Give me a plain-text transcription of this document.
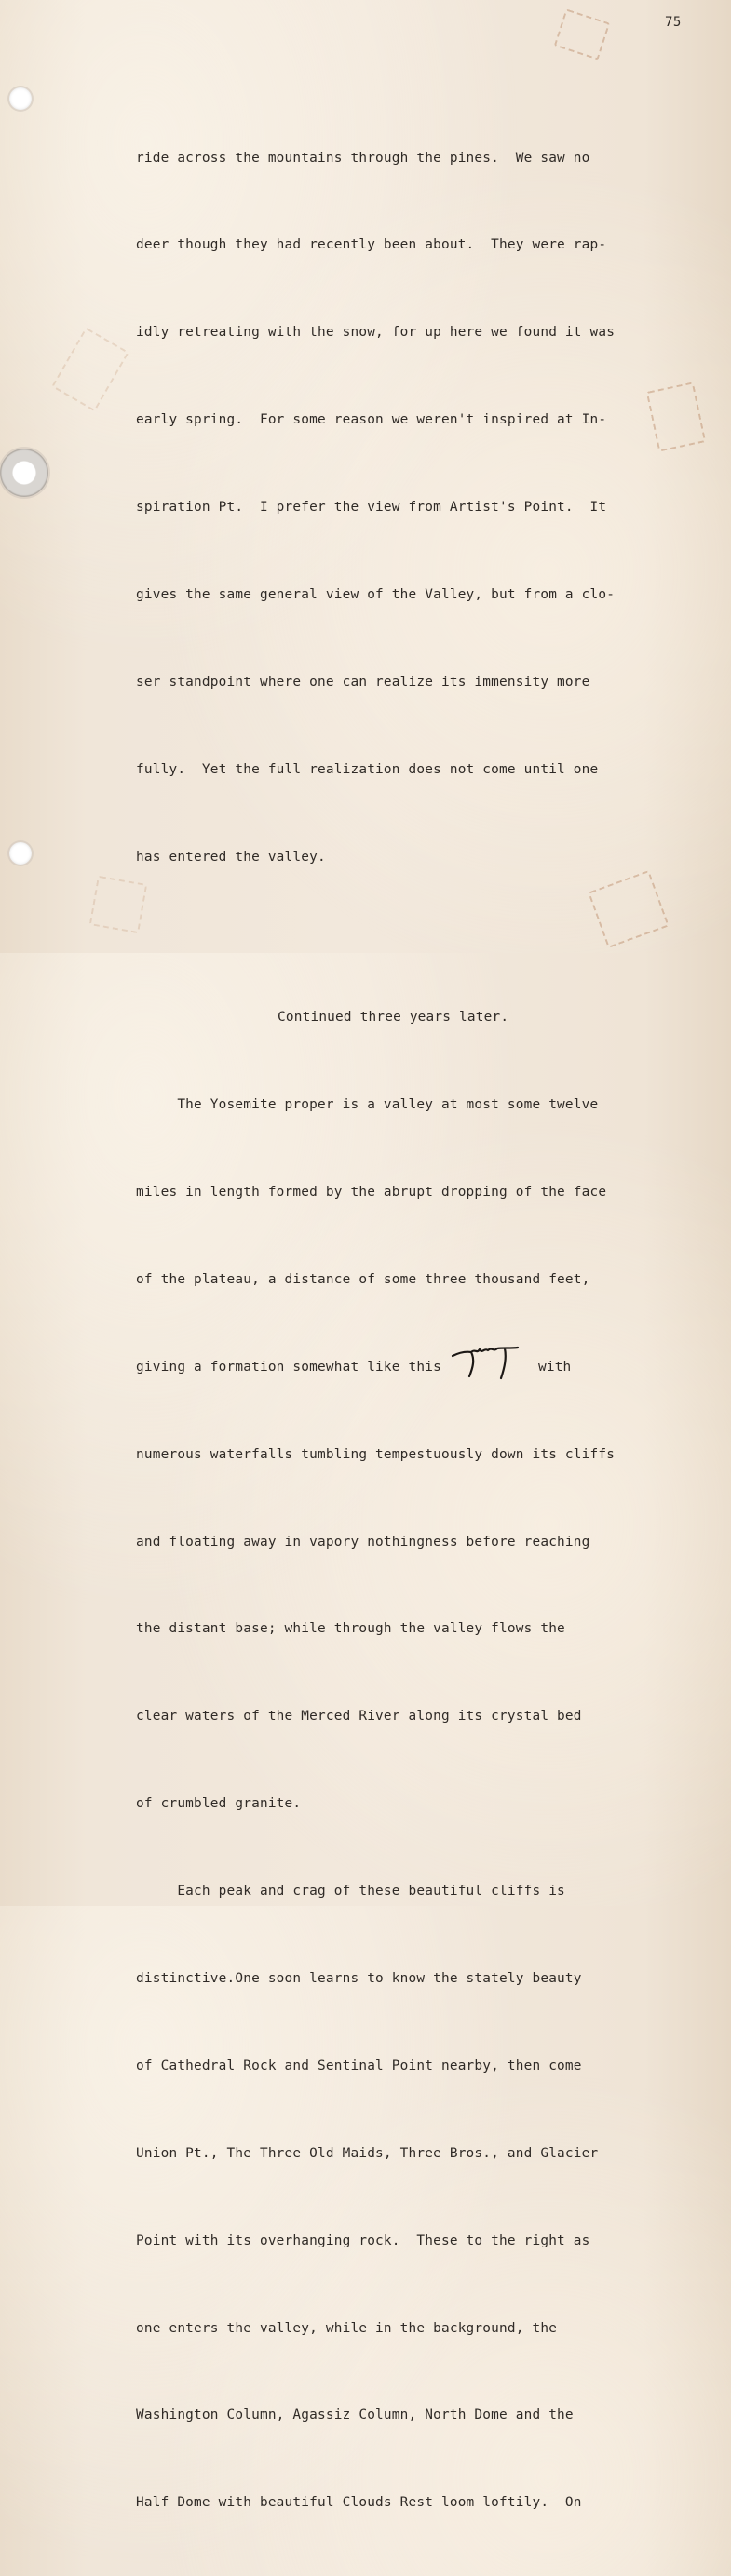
75

ride across the mountains through the pines.  We saw no

deer though they had recently been about.  They were rap-

idly retreating with the snow, for up here we found it was

early spring.  For some reason we weren't inspired at In-

spiration Pt.  I prefer the view from Artist's Point.  It

gives the same general view of the Valley, but from a clo-

ser standpoint where one can realize its immensity more

fully.  Yet the full realization does not come until one

has entered the valley.

Continued three years later.

The Yosemite proper is a valley at most some twelve

miles in length formed by the abrupt dropping of the face

of the plateau, a distance of some three thousand feet,

giving a formation somewhat like this	with

numerous waterfalls tumbling tempestuously down its cliffs

and floating away in vapory nothingness before reaching

the distant base; while through the valley flows the

clear waters of the Merced River along its crystal bed

of crumbled granite.

Each peak and crag of these beautiful cliffs is

distinctive.One soon learns to know the stately beauty

of Cathedral Rock and Sentinal Point nearby, then come

Union Pt., The Three Old Maids, Three Bros., and Glacier

Point with its overhanging rock.  These to the right as

one enters the valley, while in the background, the

Washington Column, Agassiz Column, North Dome and the

Half Dome with beautiful Clouds Rest loom loftily.  On
